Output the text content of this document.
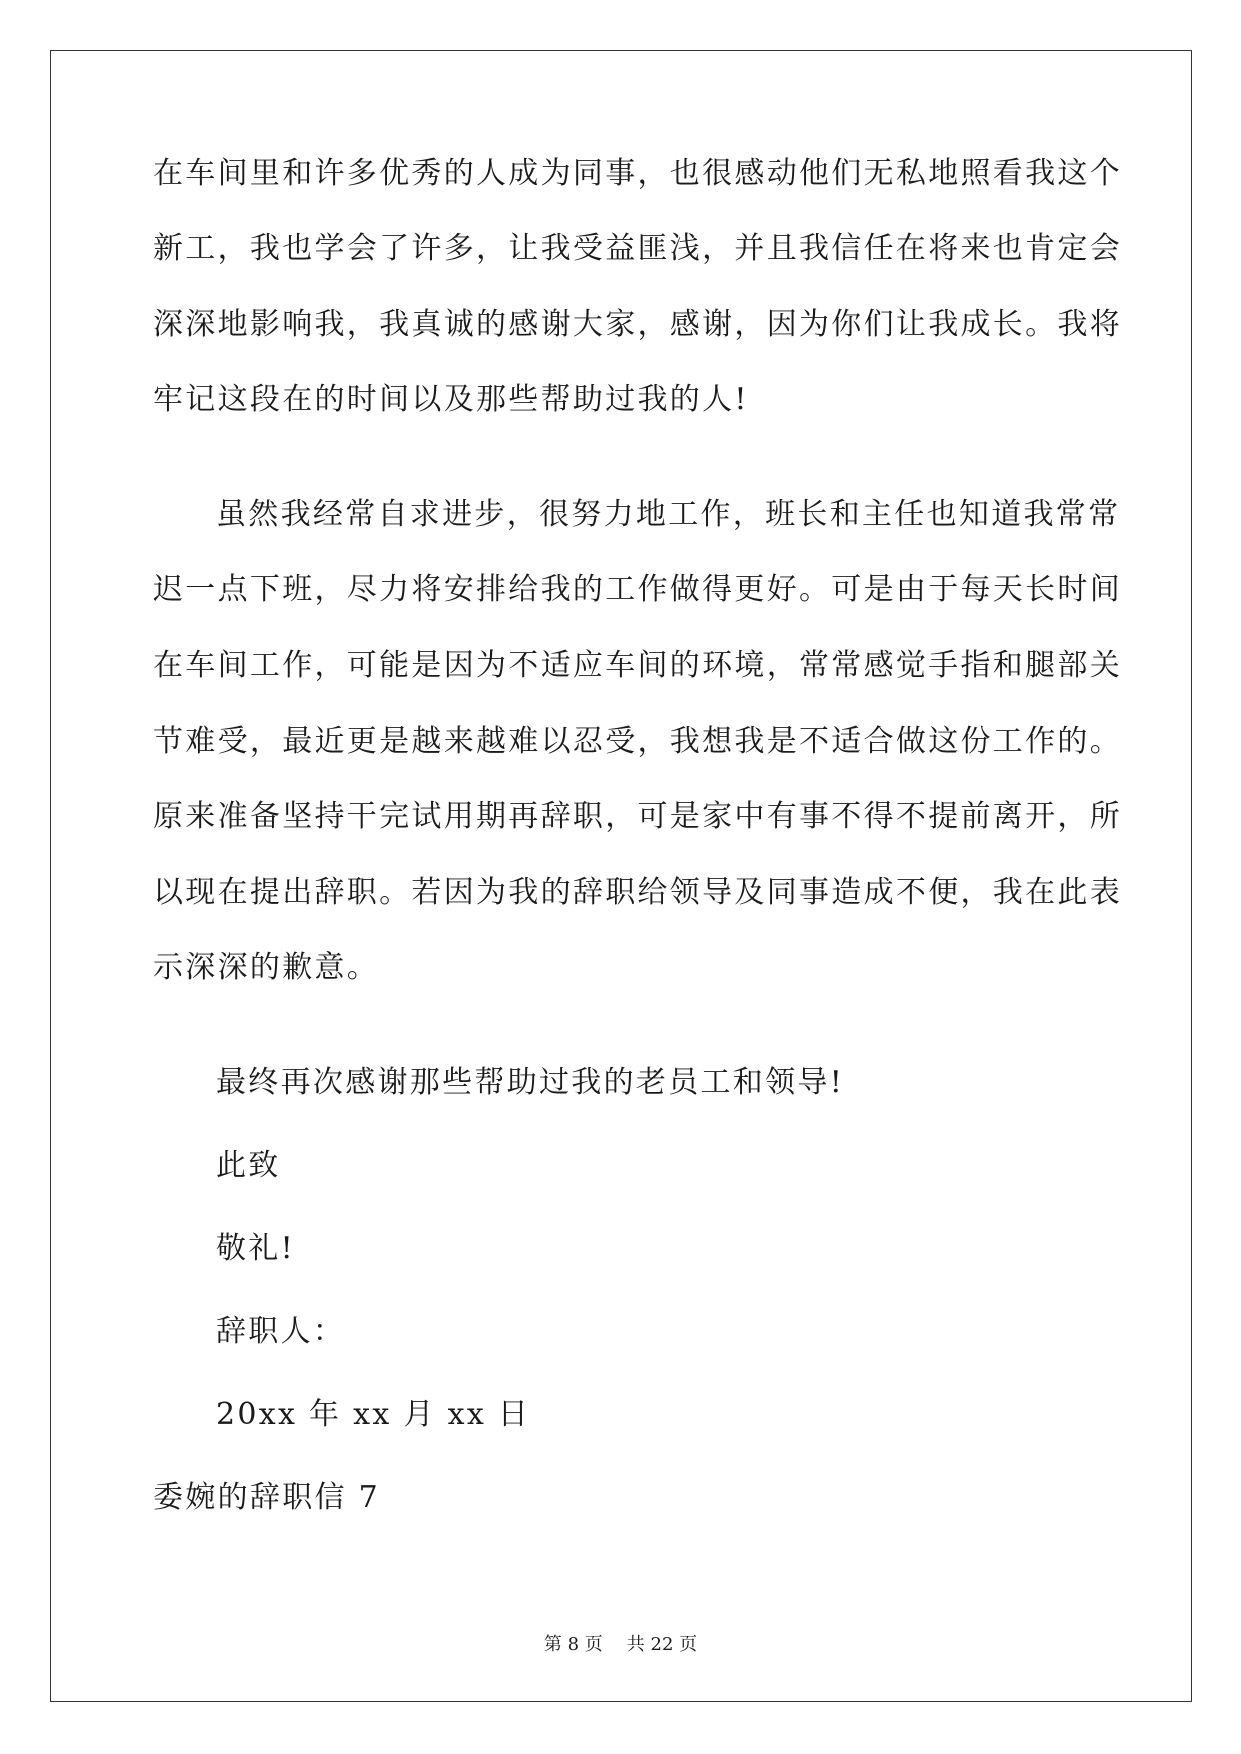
在车间里和许多优秀的人成为同事，也很感动他们无私地照看我这个
新工，我也学会了许多，让我受益匪浅，并且我信任在将来也肯定会
深深地影响我，我真诚的感谢大家，感谢，因为你们让我成长。我将
牢记这段在的时间以及那些帮助过我的人!
虽然我经常自求进步，很努力地工作，班长和主任也知道我常常
迟一点下班，尽力将安排给我的工作做得更好。可是由于每天长时间
在车间工作，可能是因为不适应车间的环境，常常感觉手指和腿部关
节难受，最近更是越来越难以忍受，我想我是不适合做这份工作的。
原来准备坚持干完试用期再辞职，可是家中有事不得不提前离开，所
以现在提出辞职。若因为我的辞职给领导及同事造成不便，我在此表
示深深的歉意。
最终再次感谢那些帮助过我的老员工和领导!
此致
敬礼!
辞职人：
20xx 年 xx 月 xx 日
委婉的辞职信 7
第 8 页 共 22 页
